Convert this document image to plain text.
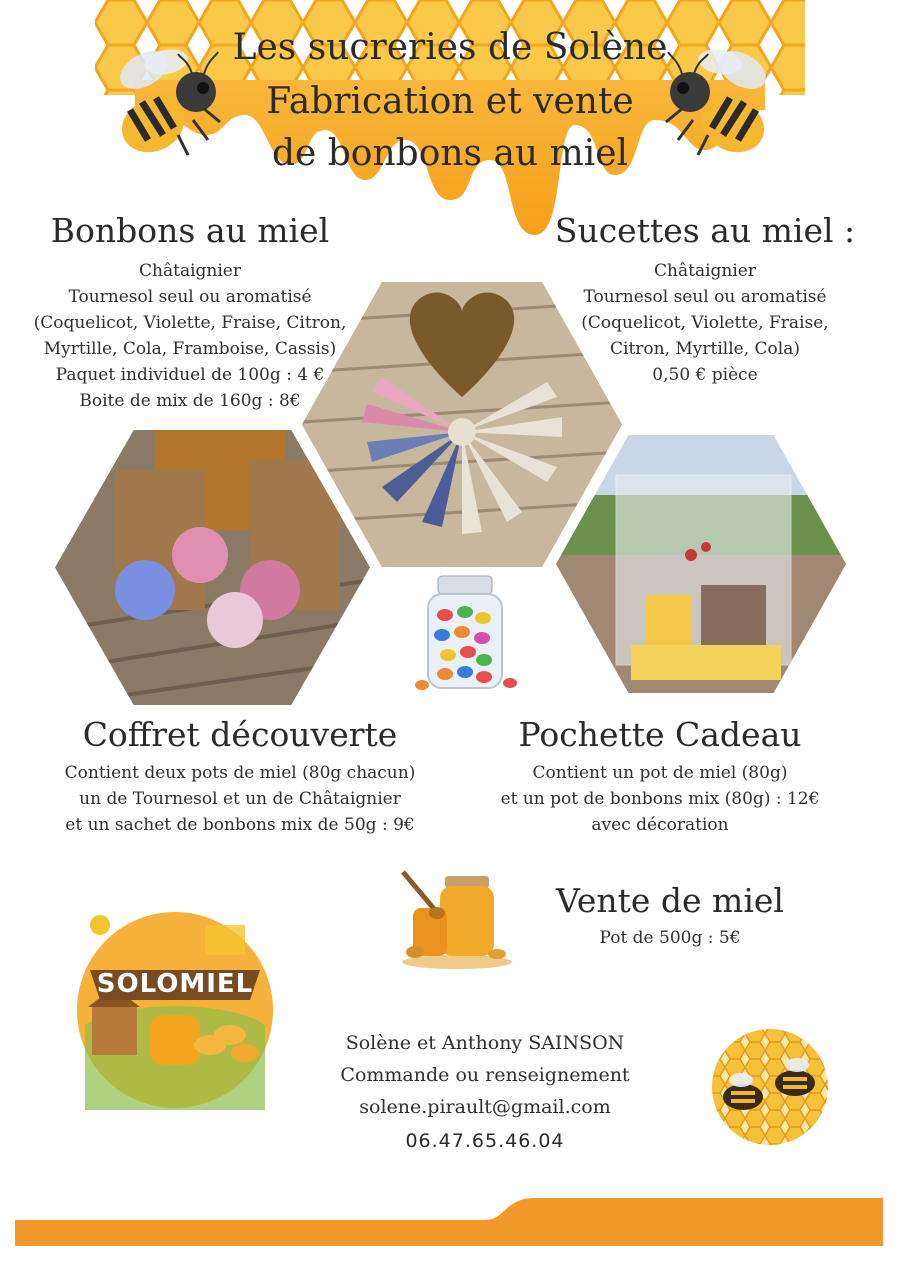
Les sucreries de Solène
Fabrication et vente
de bonbons au miel
Bonbons au miel
Châtaignier
Tournesol seul ou aromatisé
(Coquelicot, Violette, Fraise, Citron,
Myrtille, Cola, Framboise, Cassis)
Paquet individuel de 100g : 4 €
Boite de mix de 160g : 8€
Sucettes au miel :
Châtaignier
Tournesol seul ou aromatisé
(Coquelicot, Violette, Fraise,
Citron, Myrtille, Cola)
0,50 € pièce
Coffret découverte
Contient deux pots de miel (80g chacun)
un de Tournesol et un de Châtaignier
et un sachet de bonbons mix de 50g : 9€
Pochette Cadeau
Contient un pot de miel (80g)
et un pot de bonbons mix (80g) : 12€
avec décoration
Vente de miel
Pot de 500g : 5€
SOLOMIEL
Solène et Anthony SAINSON
Commande ou renseignement
solene.pirault@gmail.com
06.47.65.46.04
